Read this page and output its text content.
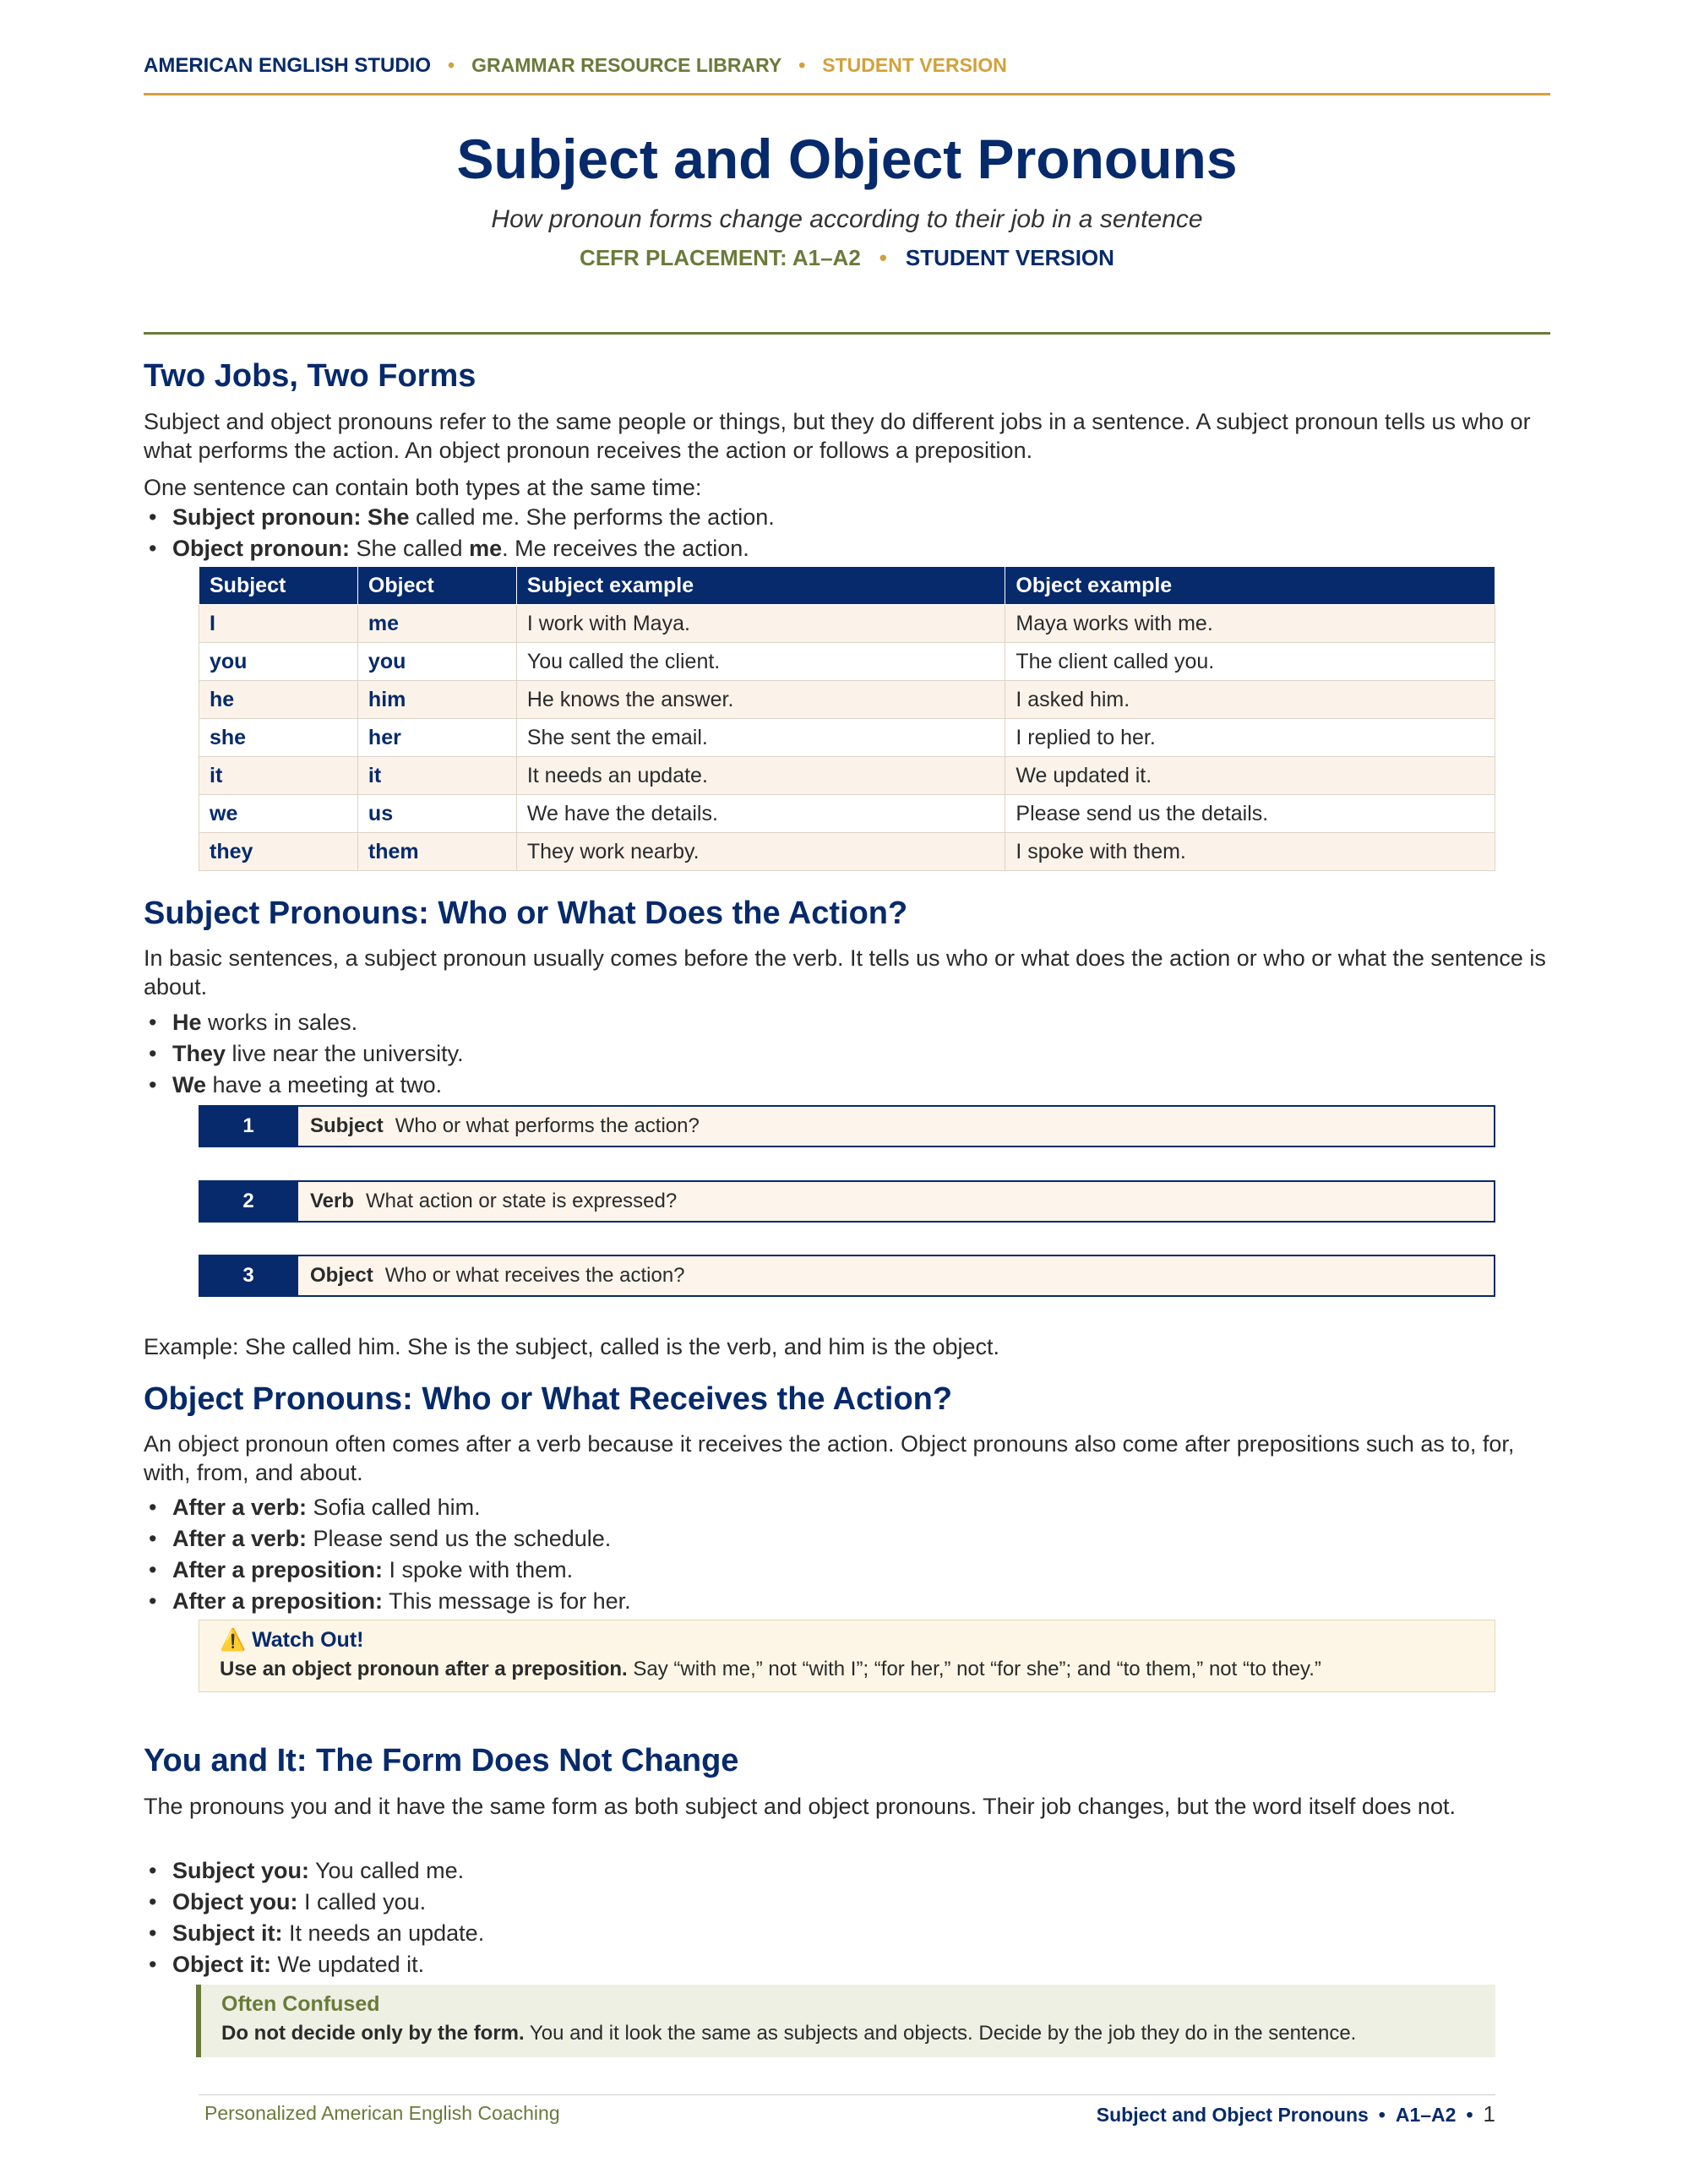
AMERICAN ENGLISH STUDIO • GRAMMAR RESOURCE LIBRARY • STUDENT VERSION
Subject and Object Pronouns
How pronoun forms change according to their job in a sentence
CEFR PLACEMENT: A1–A2 • STUDENT VERSION
Two Jobs, Two Forms

Subject and object pronouns refer to the same people or things, but they do different jobs in a sentence. A subject pronoun tells us who or what performs the action. An object pronoun receives the action or follows a preposition.

One sentence can contain both types at the same time:

• Subject pronoun: She called me. She performs the action.
• Object pronoun: She called me. Me receives the action.
Subject	Object	Subject example	Object example
I	me	I work with Maya.	Maya works with me.
you	you	You called the client.	The client called you.
he	him	He knows the answer.	I asked him.
she	her	She sent the email.	I replied to her.
it	it	It needs an update.	We updated it.
we	us	We have the details.	Please send us the details.
they	them	They work nearby.	I spoke with them.
Subject Pronouns: Who or What Does the Action?

In basic sentences, a subject pronoun usually comes before the verb. It tells us who or what does the action or who or what the sentence is about.

• He works in sales.
• They live near the university.
• We have a meeting at two.
1	Subject Who or what performs the action?
2	Verb What action or state is expressed?
3	Object Who or what receives the action?

Example: She called him. She is the subject, called is the verb, and him is the object.

Object Pronouns: Who or What Receives the Action?

An object pronoun often comes after a verb because it receives the action. Object pronouns also come after prepositions such as to, for, with, from, and about.

• After a verb: Sofia called him.
• After a verb: Please send us the schedule.
• After a preposition: I spoke with them.
• After a preposition: This message is for her.
⚠️ Watch Out!
Use an object pronoun after a preposition. Say “with me,” not “with I”; “for her,” not “for she”; and “to them,” not “to they.”
You and It: The Form Does Not Change

The pronouns you and it have the same form as both subject and object pronouns. Their job changes, but the word itself does not.

• Subject you: You called me.
• Object you: I called you.
• Subject it: It needs an update.
• Object it: We updated it.
Often Confused
Do not decide only by the form. You and it look the same as subjects and objects. Decide by the job they do in the sentence.
Personalized American English Coaching	Subject and Object Pronouns • A1–A2 • 1
